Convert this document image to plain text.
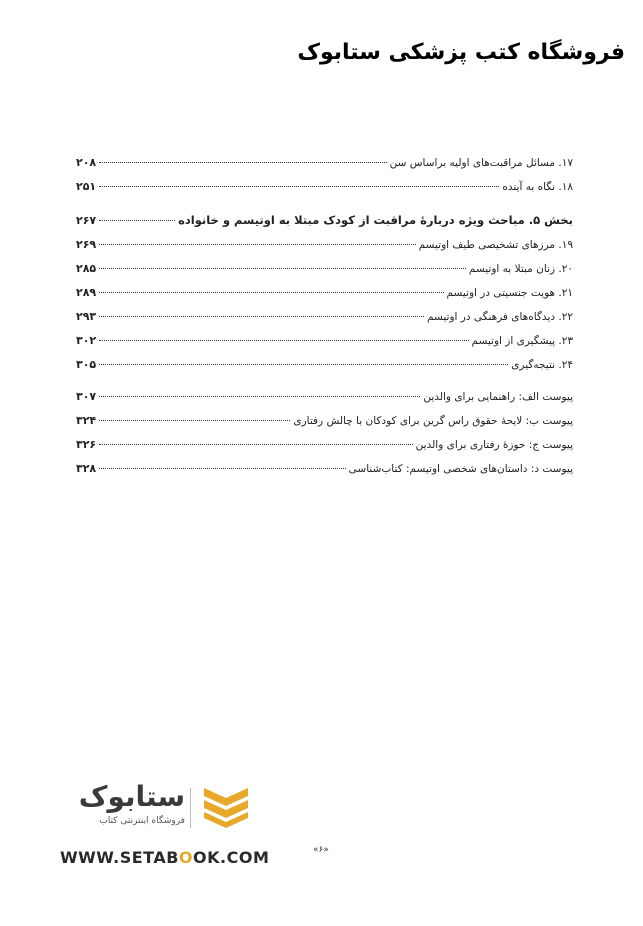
فروشگاه کتب پزشکی ستابوک
۱۷. مسائل مراقبت‌های اولیه براساس سن
۲۰۸
۱۸. نگاه به آینده
۲۵۱
بخش ۵. مباحث ویژه دربارهٔ مراقبت از کودک مبتلا به اوتیسم و خانواده
۲۶۷
۱۹. مرزهای تشخیصی طیف اوتیسم
۲۶۹
۲۰. زنان مبتلا به اوتیسم
۲۸۵
۲۱. هویت جنسیتی در اوتیسم
۲۸۹
۲۲. دیدگاه‌های فرهنگی در اوتیسم
۲۹۳
۲۳. پیشگیری از اوتیسم
۳۰۲
۲۴. نتیجه‌گیری
۳۰۵
پیوست الف: راهنمایی برای والدین
۳۰۷
پیوست ب: لایحهٔ حقوق راس گرین برای کودکان با چالش رفتاری
۳۲۴
پیوست ج: حوزهٔ رفتاری برای والدین
۳۲۶
پیوست د: داستان‌های شخصی اوتیسم: کتاب‌شناسی
۳۲۸
ستابوک
فروشگاه اینترنتی کتاب
WWW.SETABOOK.COM	«۶»
